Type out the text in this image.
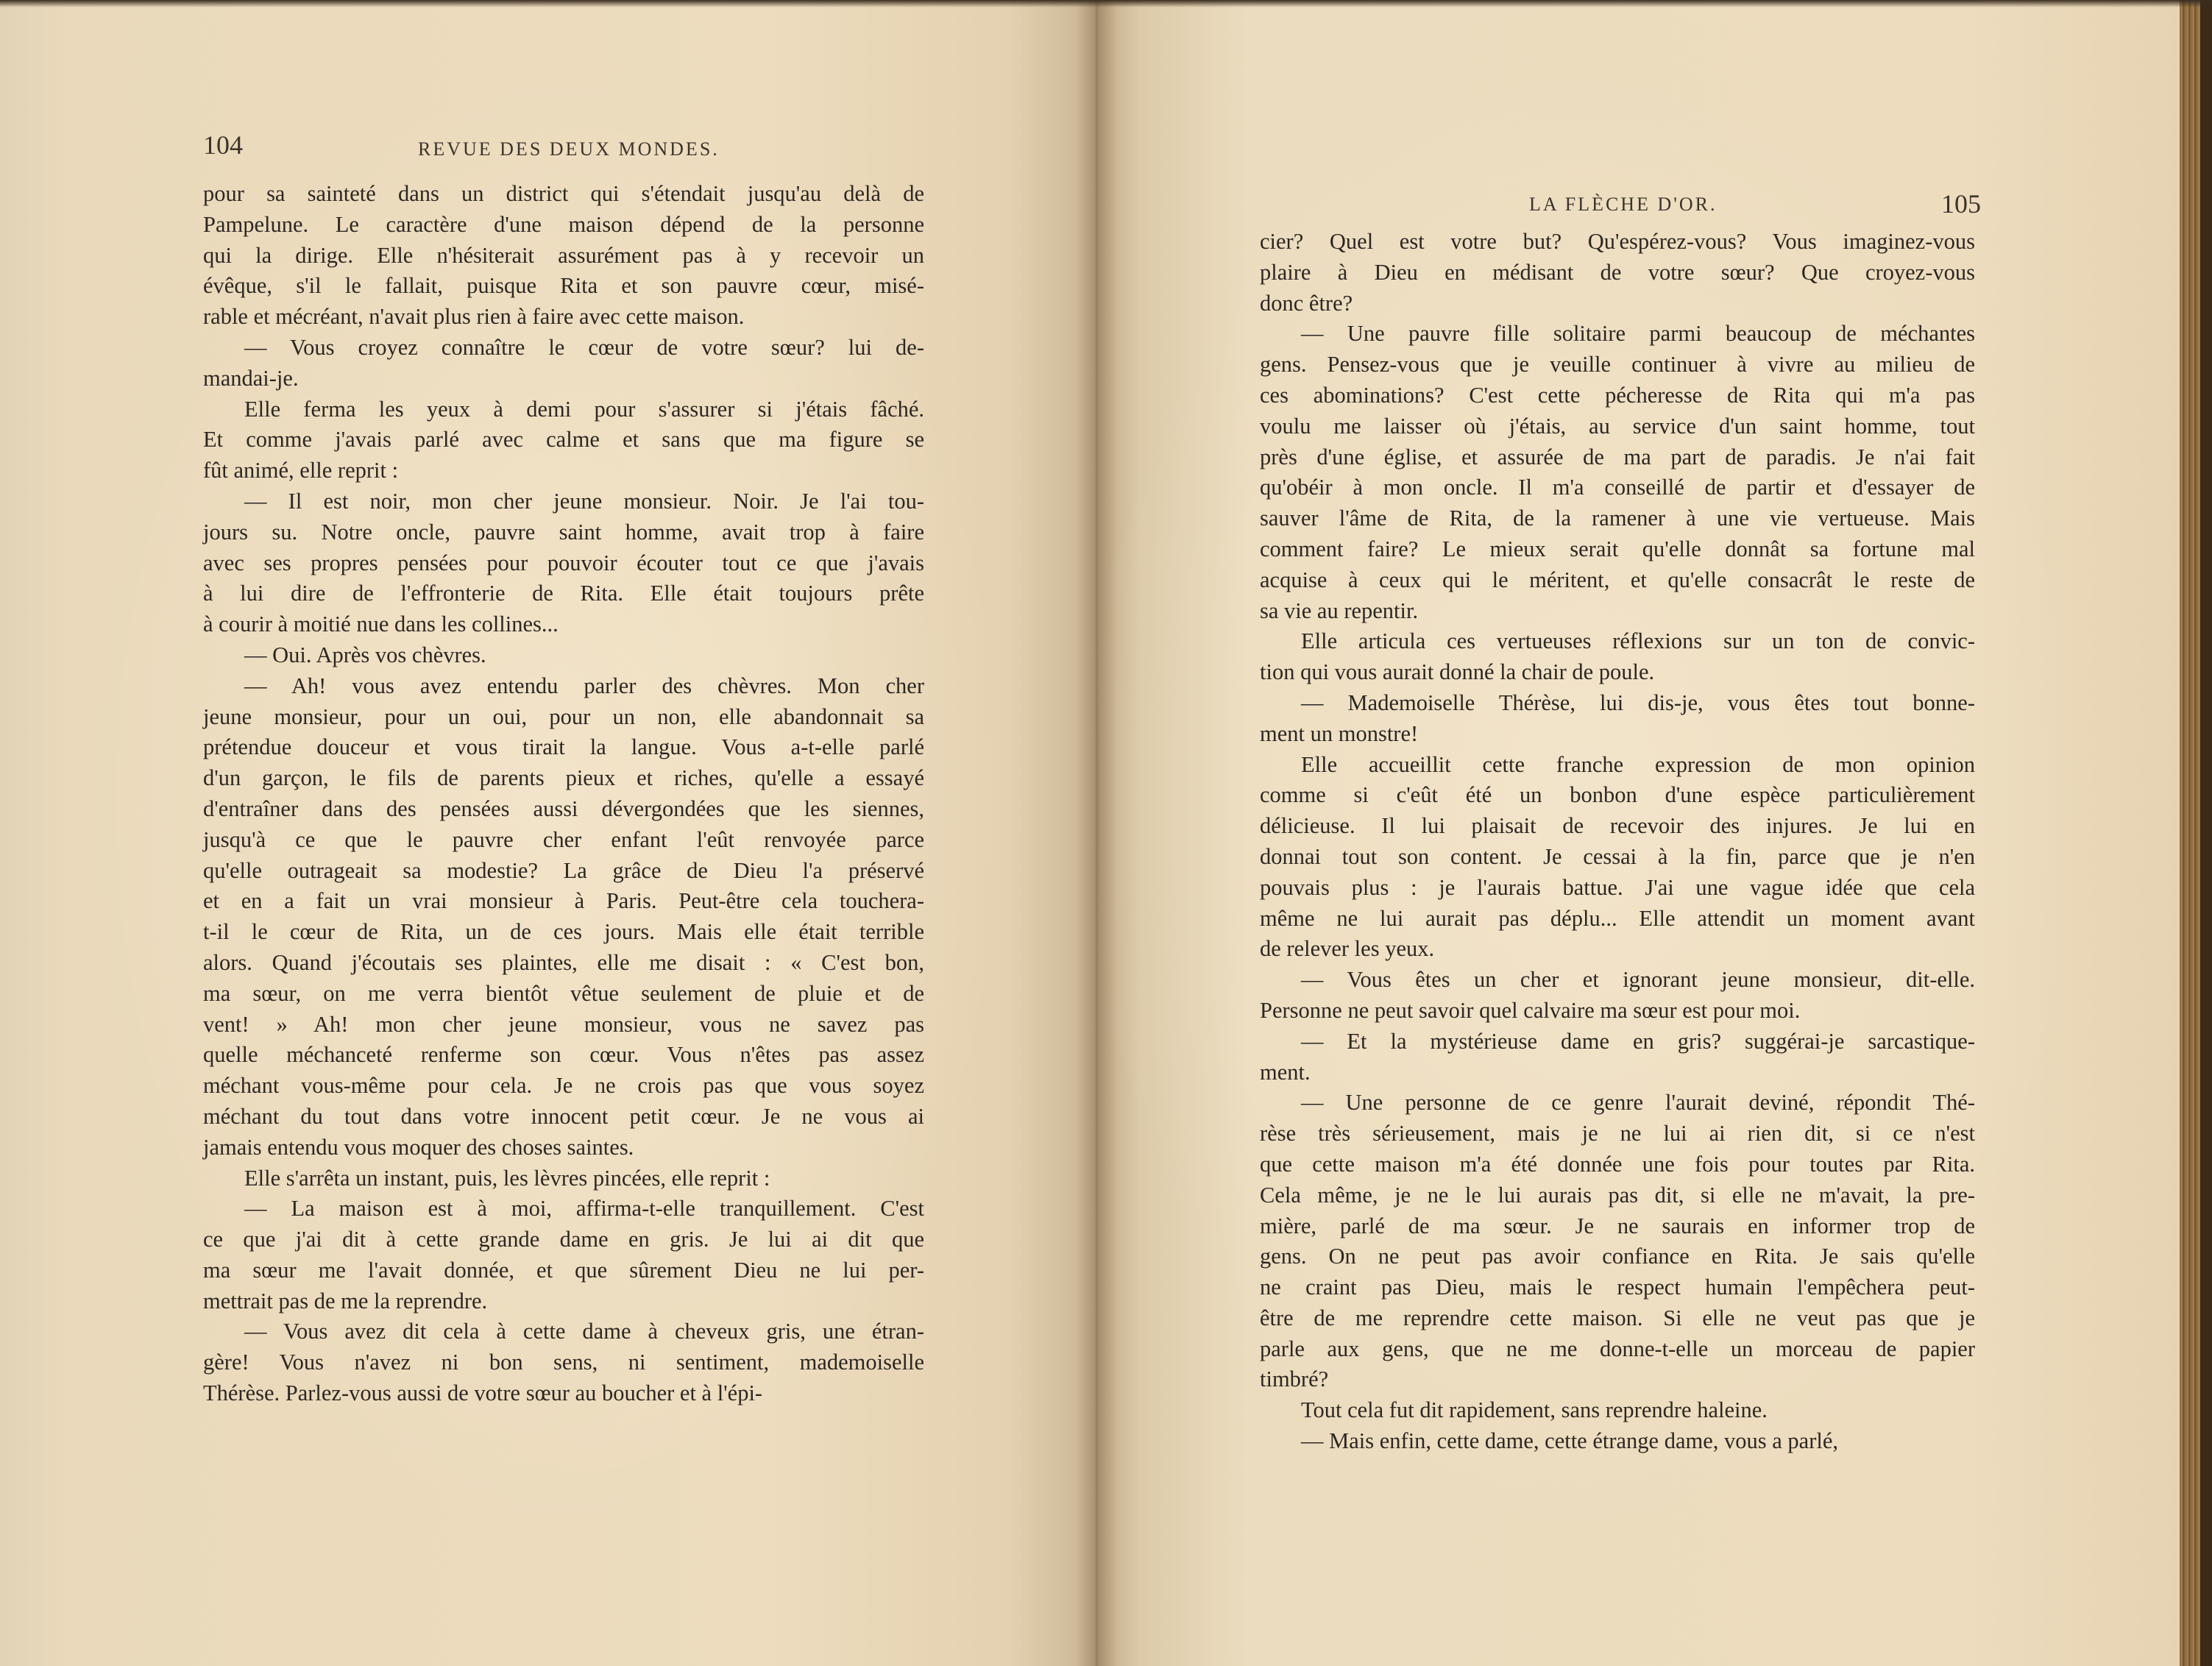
104	REVUE DES DEUX MONDES.

pour sa sainteté dans un district qui s'étendait jusqu'au delà de

Pampelune. Le caractère d'une maison dépend de la personne

qui la dirige. Elle n'hésiterait assurément pas à y recevoir un

évêque, s'il le fallait, puisque Rita et son pauvre cœur, misé-

rable et mécréant, n'avait plus rien à faire avec cette maison.

— Vous croyez connaître le cœur de votre sœur? lui de-

mandai-je.

Elle ferma les yeux à demi pour s'assurer si j'étais fâché.

Et comme j'avais parlé avec calme et sans que ma figure se

fût animé, elle reprit :

— Il est noir, mon cher jeune monsieur. Noir. Je l'ai tou-

jours su. Notre oncle, pauvre saint homme, avait trop à faire

avec ses propres pensées pour pouvoir écouter tout ce que j'avais

à lui dire de l'effronterie de Rita. Elle était toujours prête

à courir à moitié nue dans les collines...

— Oui. Après vos chèvres.

— Ah! vous avez entendu parler des chèvres. Mon cher

jeune monsieur, pour un oui, pour un non, elle abandonnait sa

prétendue douceur et vous tirait la langue. Vous a-t-elle parlé

d'un garçon, le fils de parents pieux et riches, qu'elle a essayé

d'entraîner dans des pensées aussi dévergondées que les siennes,

jusqu'à ce que le pauvre cher enfant l'eût renvoyée parce

qu'elle outrageait sa modestie? La grâce de Dieu l'a préservé

et en a fait un vrai monsieur à Paris. Peut-être cela touchera-

t-il le cœur de Rita, un de ces jours. Mais elle était terrible

alors. Quand j'écoutais ses plaintes, elle me disait : « C'est bon,

ma sœur, on me verra bientôt vêtue seulement de pluie et de

vent! » Ah! mon cher jeune monsieur, vous ne savez pas

quelle méchanceté renferme son cœur. Vous n'êtes pas assez

méchant vous-même pour cela. Je ne crois pas que vous soyez

méchant du tout dans votre innocent petit cœur. Je ne vous ai

jamais entendu vous moquer des choses saintes.

Elle s'arrêta un instant, puis, les lèvres pincées, elle reprit :

— La maison est à moi, affirma-t-elle tranquillement. C'est

ce que j'ai dit à cette grande dame en gris. Je lui ai dit que

ma sœur me l'avait donnée, et que sûrement Dieu ne lui per-

mettrait pas de me la reprendre.

— Vous avez dit cela à cette dame à cheveux gris, une étran-

gère! Vous n'avez ni bon sens, ni sentiment, mademoiselle

Thérèse. Parlez-vous aussi de votre sœur au boucher et à l'épi-

LA FLÈCHE D'OR.	105

cier? Quel est votre but? Qu'espérez-vous? Vous imaginez-vous

plaire à Dieu en médisant de votre sœur? Que croyez-vous

donc être?

— Une pauvre fille solitaire parmi beaucoup de méchantes

gens. Pensez-vous que je veuille continuer à vivre au milieu de

ces abominations? C'est cette pécheresse de Rita qui m'a pas

voulu me laisser où j'étais, au service d'un saint homme, tout

près d'une église, et assurée de ma part de paradis. Je n'ai fait

qu'obéir à mon oncle. Il m'a conseillé de partir et d'essayer de

sauver l'âme de Rita, de la ramener à une vie vertueuse. Mais

comment faire? Le mieux serait qu'elle donnât sa fortune mal

acquise à ceux qui le méritent, et qu'elle consacrât le reste de

sa vie au repentir.

Elle articula ces vertueuses réflexions sur un ton de convic-

tion qui vous aurait donné la chair de poule.

— Mademoiselle Thérèse, lui dis-je, vous êtes tout bonne-

ment un monstre!

Elle accueillit cette franche expression de mon opinion

comme si c'eût été un bonbon d'une espèce particulièrement

délicieuse. Il lui plaisait de recevoir des injures. Je lui en

donnai tout son content. Je cessai à la fin, parce que je n'en

pouvais plus : je l'aurais battue. J'ai une vague idée que cela

même ne lui aurait pas déplu... Elle attendit un moment avant

de relever les yeux.

— Vous êtes un cher et ignorant jeune monsieur, dit-elle.

Personne ne peut savoir quel calvaire ma sœur est pour moi.

— Et la mystérieuse dame en gris? suggérai-je sarcastique-

ment.

— Une personne de ce genre l'aurait deviné, répondit Thé-

rèse très sérieusement, mais je ne lui ai rien dit, si ce n'est

que cette maison m'a été donnée une fois pour toutes par Rita.

Cela même, je ne le lui aurais pas dit, si elle ne m'avait, la pre-

mière, parlé de ma sœur. Je ne saurais en informer trop de

gens. On ne peut pas avoir confiance en Rita. Je sais qu'elle

ne craint pas Dieu, mais le respect humain l'empêchera peut-

être de me reprendre cette maison. Si elle ne veut pas que je

parle aux gens, que ne me donne-t-elle un morceau de papier

timbré?

Tout cela fut dit rapidement, sans reprendre haleine.

— Mais enfin, cette dame, cette étrange dame, vous a parlé,
